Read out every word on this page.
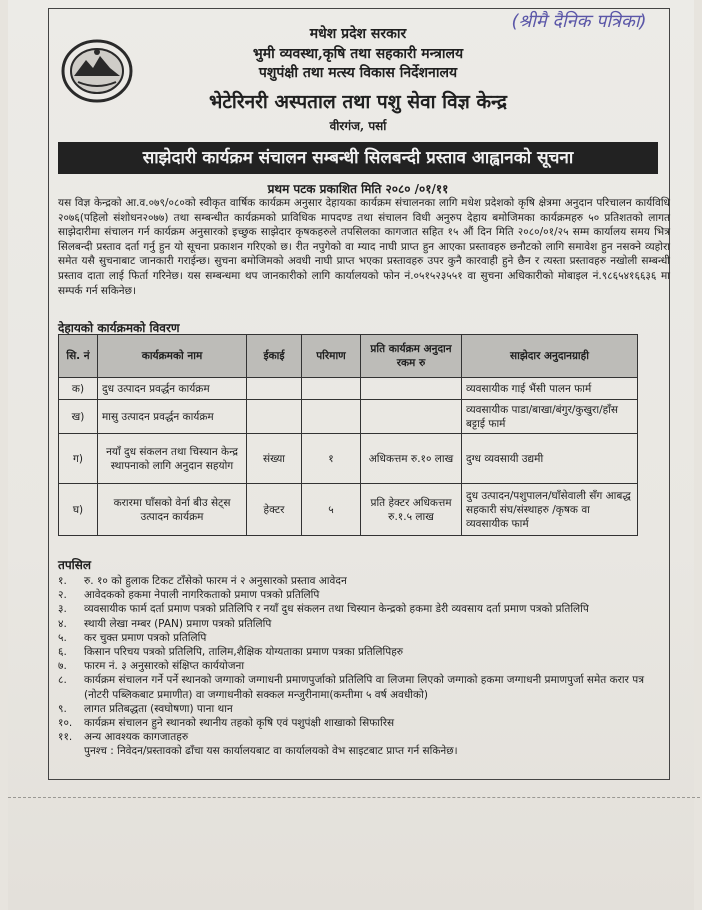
(श्रीमै दैनिक पत्रिका)
मधेश प्रदेश सरकार
भुमी व्यवस्था,कृषि तथा सहकारी मन्त्रालय
पशुपंक्षी तथा मत्स्य विकास निर्देशनालय
भेटेरिनरी अस्पताल तथा पशु सेवा विज्ञ केन्द्र
वीरगंज, पर्सा
साझेदारी कार्यक्रम संचालन सम्बन्धी सिलबन्दी प्रस्ताव आह्वानको सूचना
प्रथम पटक प्रकाशित मिति २०८० /०१/११
यस विज्ञ केन्द्रको आ.व.०७९/०८०को स्वीकृत वार्षिक कार्यक्रम अनुसार देहायका कार्यक्रम संचालनका लागि मधेश प्रदेशको कृषि क्षेत्रमा अनुदान परिचालन कार्यविधि २०७६(पहिलो संशोधन२०७७) तथा सम्बन्धीत कार्यक्रमको प्राविधिक मापदण्ड तथा संचालन विधी अनुरुप देहाय बमोजिमका कार्यक्रमहरु ५० प्रतिशतको लागत साझेदारीमा संचालन गर्न कार्यक्रम अनुसारको इच्छुक साझेदार कृषकहरुले तपसिलका कागजात सहित १५ औं दिन मिति २०८०/०१/२५ सम्म कार्यालय समय भित्र सिलबन्दी प्रस्ताव दर्ता गर्नु हुन यो सूचना प्रकाशन गरिएको छ। रीत नपुगेको वा म्याद नाघी प्राप्त हुन आएका प्रस्तावहरु छनौटको लागि समावेश हुन नसक्ने व्यहोरा समेत यसै सुचनाबाट जानकारी गराईन्छ। सुचना बमोजिमको अवधी नाघी प्राप्त भएका प्रस्तावहरु उपर कुनै कारवाही हुने छैन र त्यस्ता प्रस्तावहरु नखोली सम्बन्धी प्रस्ताव दाता लाई फिर्ता गरिनेछ। यस सम्बन्धमा थप जानकारीको लागि कार्यालयको फोन नं.०५१५२३५५१ वा सुचना अधिकारीको मोबाइल नं.९८६५४१६६३६ मा सम्पर्क गर्न सकिनेछ।
देहायको कार्यक्रमको विवरण
सि. नं	कार्यक्रमको नाम	ईकाई	परिमाण	प्रति कार्यक्रम अनुदान रकम रु	साझेदार अनुदानग्राही
क)	दुध उत्पादन प्रवर्द्धन कार्यक्रम				व्यवसायीक गाई भैंसी पालन फार्म
ख)	मासु उत्पादन प्रवर्द्धन कार्यक्रम				व्यवसायीक पाडा/बाखा/बंगुर/कुखुरा/हाँस बट्टाई फार्म
ग)	नयाँ दुध संकलन तथा चिस्यान केन्द्र स्थापनाको लागि अनुदान सहयोग	संख्या	१	अधिकत्तम रु.१० लाख	दुग्ध व्यवसायी उद्यमी
घ)	करारमा घाँसको वेर्ना बीउ सेट्स उत्पादन कार्यक्रम	हेक्टर	५	प्रति हेक्टर अधिकत्तम रु.१.५ लाख	दुध उत्पादन/पशुपालन/घाँसेवाली सँग आबद्ध सहकारी संघ/संस्थाहरु /कृषक वा व्यवसायीक फार्म
तपसिल
१.	रु. १० को हुलाक टिकट टाँसेको फारम नं २ अनुसारको प्रस्ताव आवेदन
२.	आवेदकको हकमा नेपाली नागरिकताको प्रमाण पत्रको प्रतिलिपि
३.	व्यवसायीक फार्म दर्ता प्रमाण पत्रको प्रतिलिपि र नयाँ दुध संकलन तथा चिस्यान केन्द्रको हकमा डेरी व्यवसाय दर्ता प्रमाण पत्रको प्रतिलिपि
४.	स्थायी लेखा नम्बर (PAN) प्रमाण पत्रको प्रतिलिपि
५.	कर चुक्त प्रमाण पत्रको प्रतिलिपि
६.	किसान परिचय पत्रको प्रतिलिपि, तालिम,शैक्षिक योग्यताका प्रमाण पत्रका प्रतिलिपिहरु
७.	फारम नं. ३ अनुसारको संक्षिप्त कार्ययोजना
८.	कार्यक्रम संचालन गर्ने पर्ने स्थानको जग्गाको जग्गाधनी प्रमाणपुर्जाको प्रतिलिपि वा लिजमा लिएको जग्गाको हकमा जग्गाधनी प्रमाणपुर्जा समेत करार पत्र (नोटरी पब्लिकबाट प्रमाणीत) वा जग्गाधनीको सक्कल मन्जुरीनामा(कम्तीमा ५ वर्ष अवधीको)
९.	लागत प्रतिबद्धता (स्वघोषणा) पाना थान
१०.	कार्यक्रम संचालन हुने स्थानको स्थानीय तहको कृषि एवं पशुपंक्षी शाखाको सिफारिस
११.	अन्य आवश्यक कागजातहरु
पुनश्च : निवेदन/प्रस्तावको ढाँचा यस कार्यालयबाट वा कार्यालयको वेभ साइटबाट प्राप्त गर्न सकिनेछ।
